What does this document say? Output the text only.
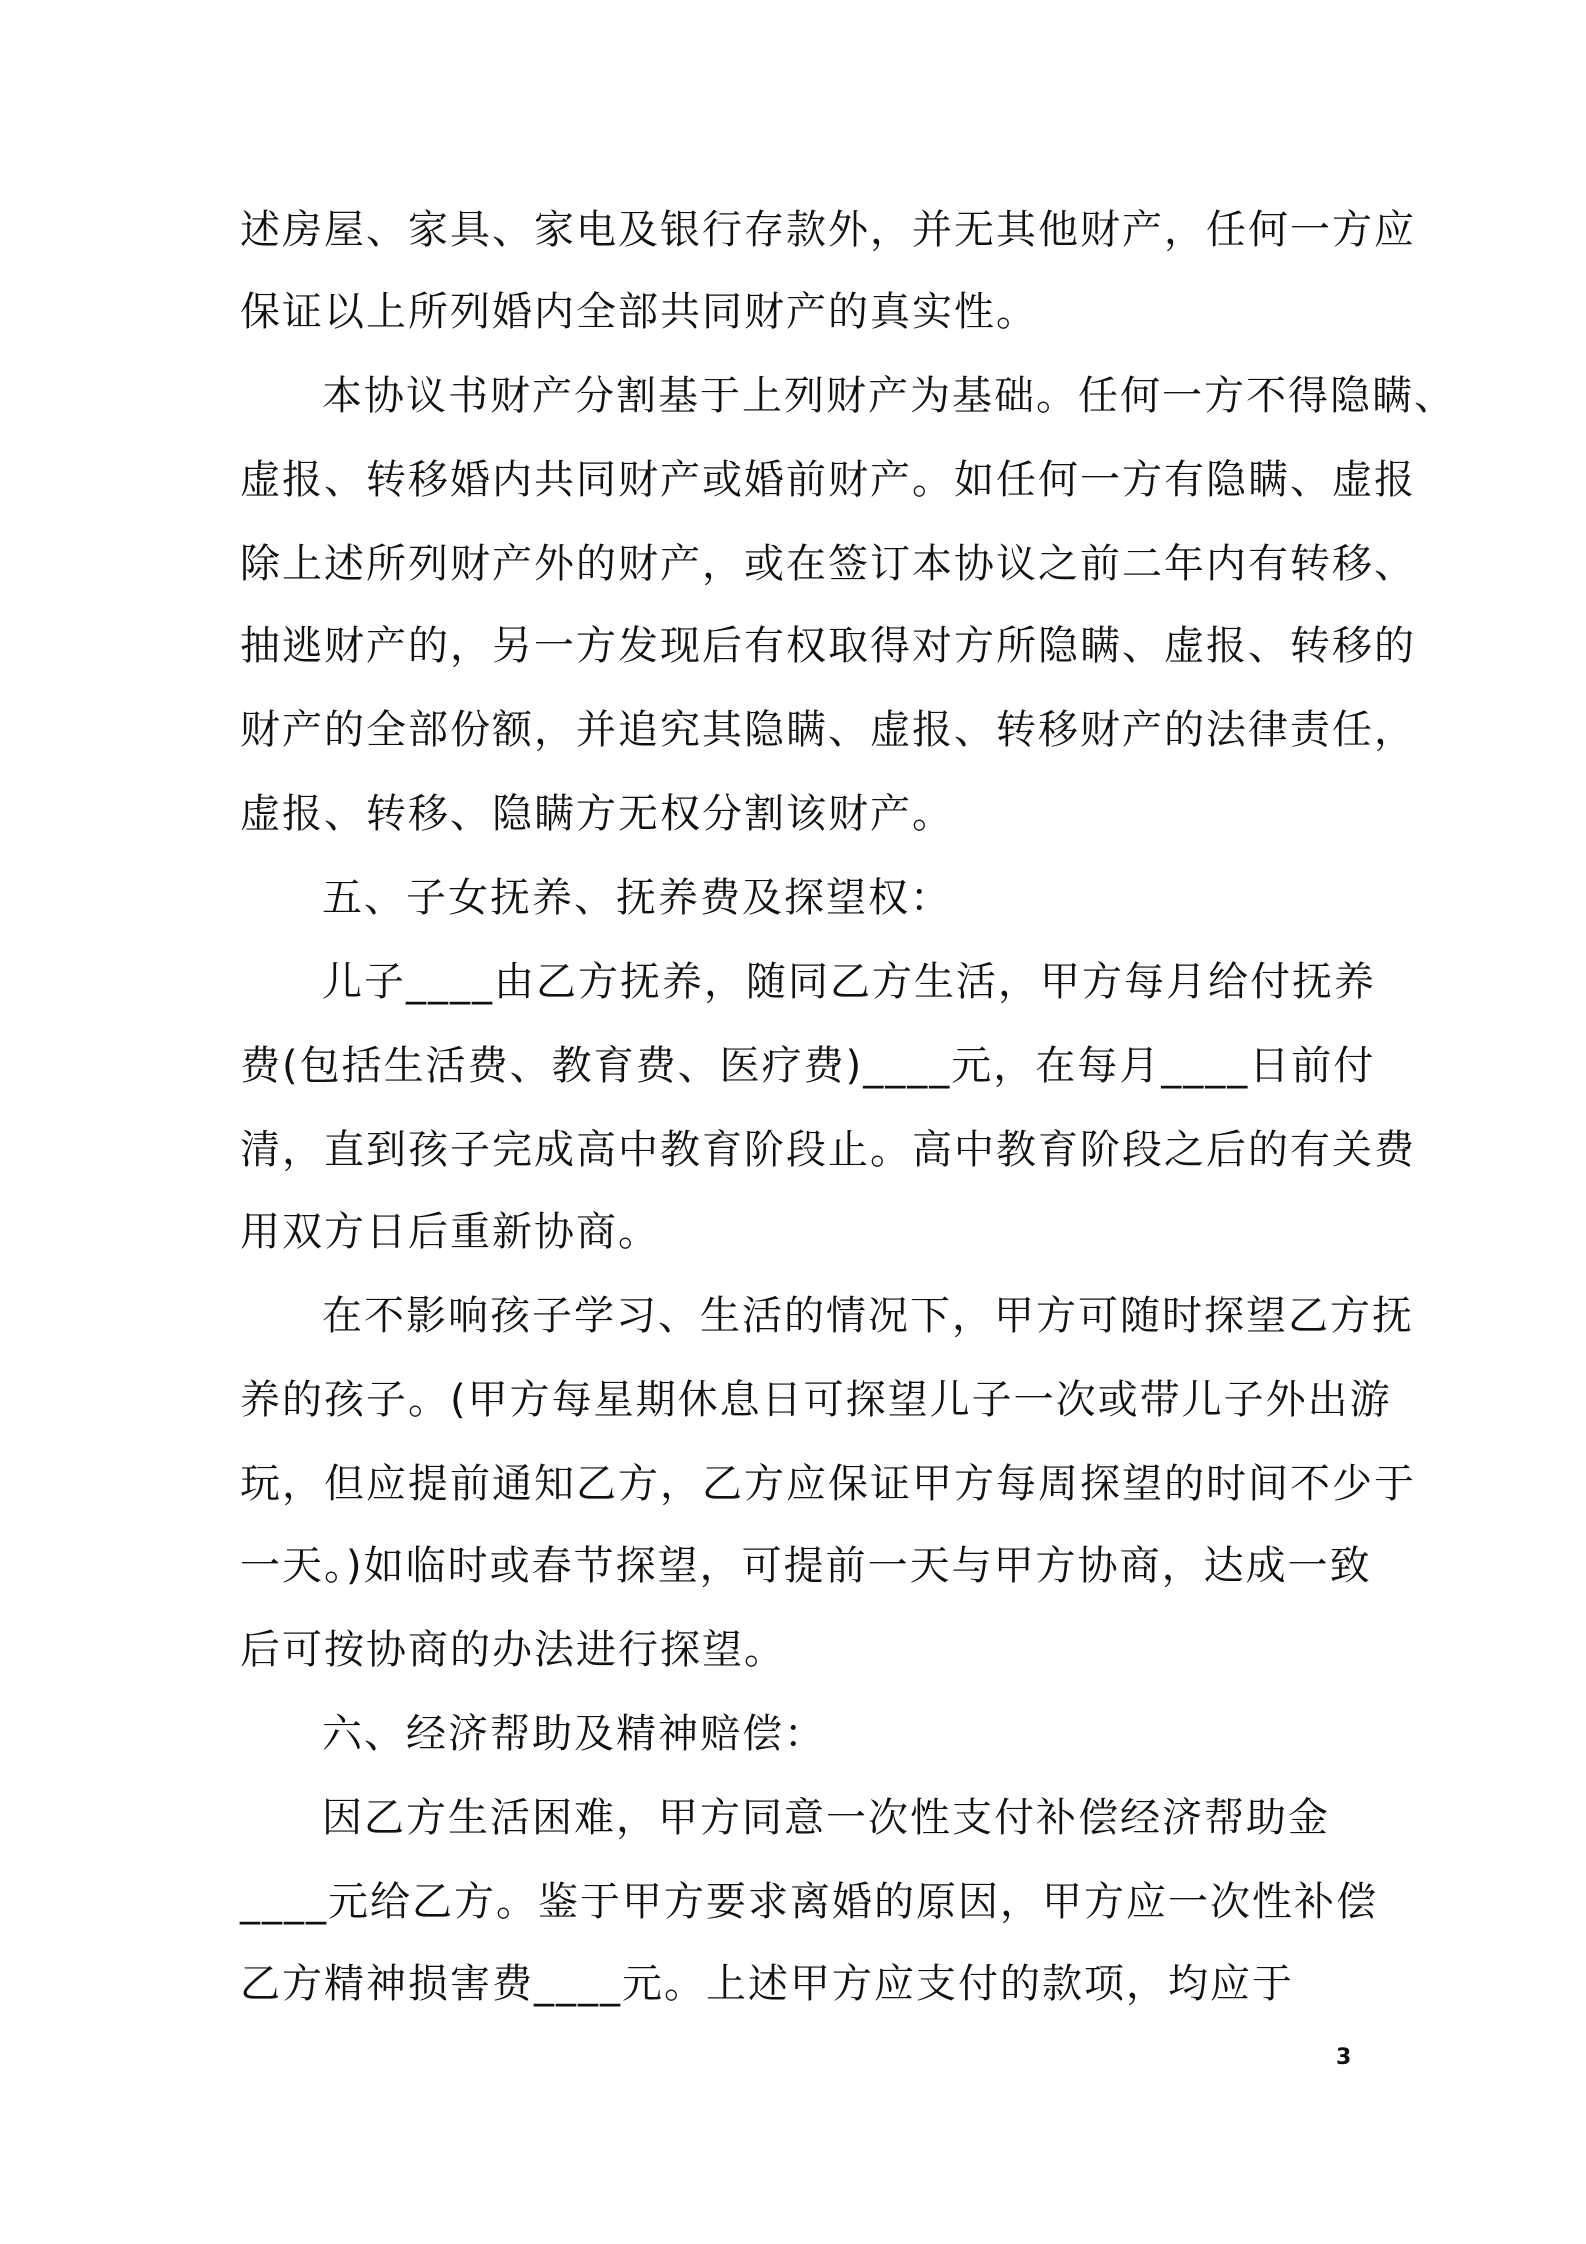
述房屋、家具、家电及银行存款外，并无其他财产，任何一方应
保证以上所列婚内全部共同财产的真实性。
本协议书财产分割基于上列财产为基础。任何一方不得隐瞒、
虚报、转移婚内共同财产或婚前财产。如任何一方有隐瞒、虚报
除上述所列财产外的财产，或在签订本协议之前二年内有转移、
抽逃财产的，另一方发现后有权取得对方所隐瞒、虚报、转移的
财产的全部份额，并追究其隐瞒、虚报、转移财产的法律责任，
虚报、转移、隐瞒方无权分割该财产。
五、子女抚养、抚养费及探望权：
儿子____由乙方抚养，随同乙方生活，甲方每月给付抚养
费(包括生活费、教育费、医疗费)____元，在每月____日前付
清，直到孩子完成高中教育阶段止。高中教育阶段之后的有关费
用双方日后重新协商。
在不影响孩子学习、生活的情况下，甲方可随时探望乙方抚
养的孩子。(甲方每星期休息日可探望儿子一次或带儿子外出游
玩，但应提前通知乙方，乙方应保证甲方每周探望的时间不少于
一天。)如临时或春节探望，可提前一天与甲方协商，达成一致
后可按协商的办法进行探望。
六、经济帮助及精神赔偿：
因乙方生活困难，甲方同意一次性支付补偿经济帮助金
____元给乙方。鉴于甲方要求离婚的原因，甲方应一次性补偿
乙方精神损害费____元。上述甲方应支付的款项，均应于
3
